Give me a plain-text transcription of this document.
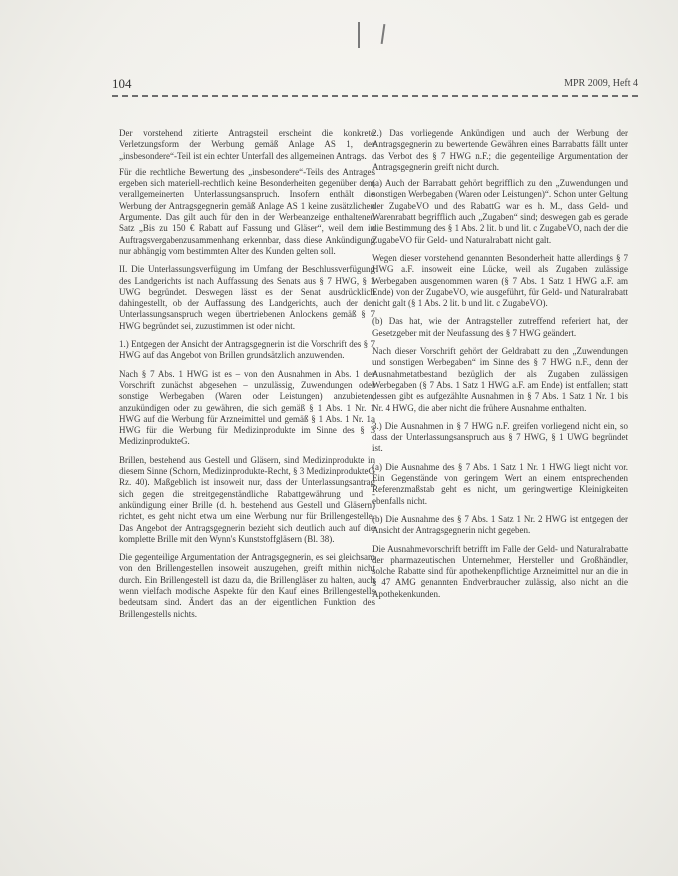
104	MPR 2009, Heft 4

Der vorstehend zitierte Antragsteil erscheint die konkrete Verletzungsform der Werbung gemäß Anlage AS 1, der „insbesondere“-Teil ist ein echter Unterfall des allgemeinen Antrags.

Für die rechtliche Bewertung des „insbesondere“-Teils des Antrages ergeben sich materiell-rechtlich keine Besonderheiten gegenüber dem verallgemeinerten Unterlassungsanspruch. Insofern enthält die Werbung der Antragsgegnerin gemäß Anlage AS 1 keine zusätzlichen Argumente. Das gilt auch für den in der Werbeanzeige enthaltenen Satz „Bis zu 150 € Rabatt auf Fassung und Gläser“, weil dem in Auftragsvergabenzusammenhang erkennbar, dass diese Ankündigung nur abhängig vom bestimmten Alter des Kunden gelten soll.

II. Die Unterlassungsverfügung im Umfang der Beschlussverfügung des Landgerichts ist nach Auffassung des Senats aus § 7 HWG, § 1 UWG begründet. Deswegen lässt es der Senat ausdrücklich dahingestellt, ob der Auffassung des Landgerichts, auch der der Unterlassungsanspruch wegen übertriebenen Anlockens gemäß § 7 HWG begründet sei, zuzustimmen ist oder nicht.

1.) Entgegen der Ansicht der Antragsgegnerin ist die Vorschrift des § 7 HWG auf das Angebot von Brillen grundsätzlich anzuwenden.

Nach § 7 Abs. 1 HWG ist es – von den Ausnahmen in Abs. 1 der Vorschrift zunächst abgesehen – unzulässig, Zuwendungen oder sonstige Werbegaben (Waren oder Leistungen) anzubieten, anzukündigen oder zu gewähren, die sich gemäß § 1 Abs. 1 Nr. 1 HWG auf die Werbung für Arzneimittel und gemäß § 1 Abs. 1 Nr. 1a HWG für die Werbung für Medizinprodukte im Sinne des § 3 MedizinprodukteG.

Brillen, bestehend aus Gestell und Gläsern, sind Medizinprodukte in diesem Sinne (Schorn, Medizinprodukte-Recht, § 3 MedizinprodukteG Rz. 40). Maßgeblich ist insoweit nur, dass der Unterlassungsantrag sich gegen die streitgegenständliche Rabattgewährung und -ankündigung einer Brille (d. h. bestehend aus Gestell und Gläsern) richtet, es geht nicht etwa um eine Werbung nur für Brillengestelle. Das Angebot der Antragsgegnerin bezieht sich deutlich auch auf die komplette Brille mit den Wynn's Kunststoffgläsern (Bl. 38).

Die gegenteilige Argumentation der Antragsgegnerin, es sei gleichsam von den Brillengestellen insoweit auszugehen, greift mithin nicht durch. Ein Brillengestell ist dazu da, die Brillengläser zu halten, auch wenn vielfach modische Aspekte für den Kauf eines Brillengestells bedeutsam sind. Ändert das an der eigentlichen Funktion des Brillengestells nichts.

2.) Das vorliegende Ankündigen und auch der Werbung der Antragsgegnerin zu bewertende Gewähren eines Barrabatts fällt unter das Verbot des § 7 HWG n.F.; die gegenteilige Argumentation der Antragsgegnerin greift nicht durch.

(a) Auch der Barrabatt gehört begrifflich zu den „Zuwendungen und sonstigen Werbegaben (Waren oder Leistungen)“. Schon unter Geltung der ZugabeVO und des RabattG war es h. M., dass Geld- und Warenrabatt begrifflich auch „Zugaben“ sind; deswegen gab es gerade die Bestimmung des § 1 Abs. 2 lit. b und lit. c ZugabeVO, nach der die ZugabeVO für Geld- und Naturalrabatt nicht galt.

Wegen dieser vorstehend genannten Besonderheit hatte allerdings § 7 HWG a.F. insoweit eine Lücke, weil als Zugaben zulässige Werbegaben ausgenommen waren (§ 7 Abs. 1 Satz 1 HWG a.F. am Ende) von der ZugabeVO, wie ausgeführt, für Geld- und Naturalrabatt nicht galt (§ 1 Abs. 2 lit. b und lit. c ZugabeVO).

(b) Das hat, wie der Antragsteller zutreffend referiert hat, der Gesetzgeber mit der Neufassung des § 7 HWG geändert.

Nach dieser Vorschrift gehört der Geldrabatt zu den „Zuwendungen und sonstigen Werbegaben“ im Sinne des § 7 HWG n.F., denn der Ausnahmetatbestand bezüglich der als Zugaben zulässigen Werbegaben (§ 7 Abs. 1 Satz 1 HWG a.F. am Ende) ist entfallen; statt dessen gibt es aufgezählte Ausnahmen in § 7 Abs. 1 Satz 1 Nr. 1 bis Nr. 4 HWG, die aber nicht die frühere Ausnahme enthalten.

3.) Die Ausnahmen in § 7 HWG n.F. greifen vorliegend nicht ein, so dass der Unterlassungsanspruch aus § 7 HWG, § 1 UWG begründet ist.

(a) Die Ausnahme des § 7 Abs. 1 Satz 1 Nr. 1 HWG liegt nicht vor. Ein Gegenstände von geringem Wert an einem entsprechenden Referenzmaßstab geht es nicht, um geringwertige Kleinigkeiten ebenfalls nicht.

(b) Die Ausnahme des § 7 Abs. 1 Satz 1 Nr. 2 HWG ist entgegen der Ansicht der Antragsgegnerin nicht gegeben.

Die Ausnahmevorschrift betrifft im Falle der Geld- und Naturalrabatte der pharmazeutischen Unternehmer, Hersteller und Großhändler, solche Rabatte sind für apothekenpflichtige Arzneimittel nur an die in § 47 AMG genannten Endverbraucher zulässig, also nicht an die Apothekenkunden.
